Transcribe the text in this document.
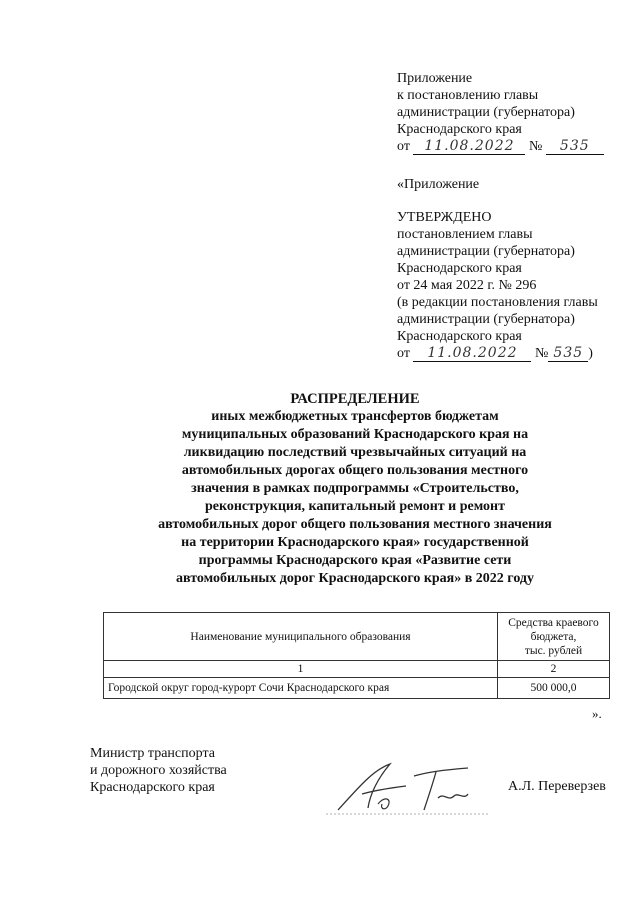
Приложение
к постановлению главы
администрации (губернатора)
Краснодарского края
от 11.08.2022 № 535
«Приложение
УТВЕРЖДЕНО
постановлением главы
администрации (губернатора)
Краснодарского края
от 24 мая 2022 г. № 296
(в редакции постановления главы
администрации (губернатора)
Краснодарского края
от 11.08.2022 № 535 )
РАСПРЕДЕЛЕНИЕ
иных межбюджетных трансфертов бюджетам
муниципальных образований Краснодарского края на
ликвидацию последствий чрезвычайных ситуаций на
автомобильных дорогах общего пользования местного
значения в рамках подпрограммы «Строительство,
реконструкция, капитальный ремонт и ремонт
автомобильных дорог общего пользования местного значения
на территории Краснодарского края» государственной
программы Краснодарского края «Развитие сети
автомобильных дорог Краснодарского края» в 2022 году
Наименование муниципального образования	Средства краевого
бюджета,
тыс. рублей

1	2
Городской округ город-курорт Сочи Краснодарского края	500 000,0
».
Министр транспорта
и дорожного хозяйства
Краснодарского края	А.Л. Переверзев
